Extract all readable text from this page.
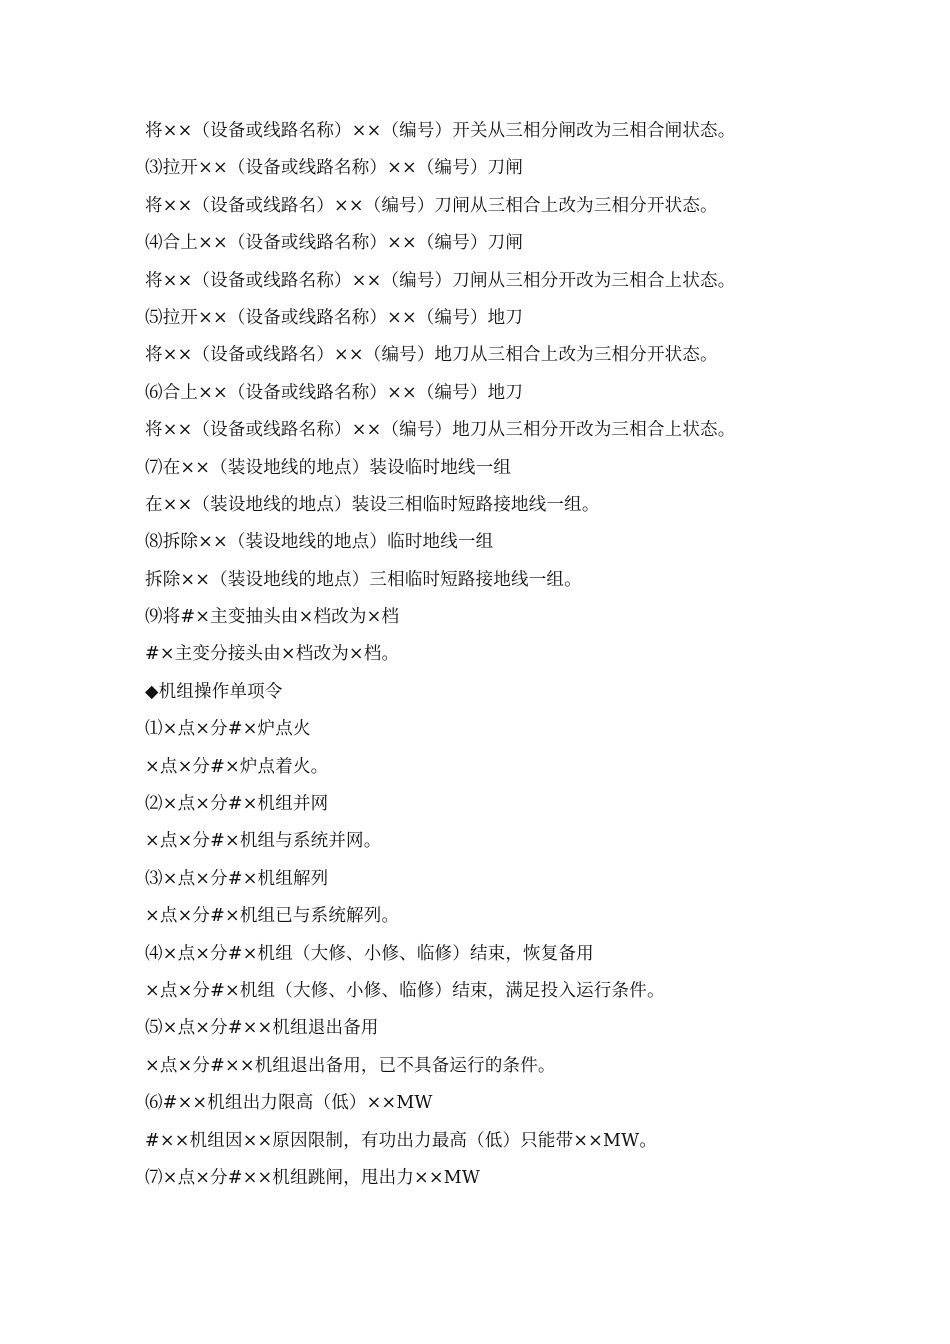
将××（设备或线路名称）××（编号）开关从三相分闸改为三相合闸状态。
⑶拉开××（设备或线路名称）××（编号）刀闸
将××（设备或线路名）××（编号）刀闸从三相合上改为三相分开状态。
⑷合上××（设备或线路名称）××（编号）刀闸
将××（设备或线路名称）××（编号）刀闸从三相分开改为三相合上状态。
⑸拉开××（设备或线路名称）××（编号）地刀
将××（设备或线路名）××（编号）地刀从三相合上改为三相分开状态。
⑹合上××（设备或线路名称）××（编号）地刀
将××（设备或线路名称）××（编号）地刀从三相分开改为三相合上状态。
⑺在××（装设地线的地点）装设临时地线一组
在××（装设地线的地点）装设三相临时短路接地线一组。
⑻拆除××（装设地线的地点）临时地线一组
拆除××（装设地线的地点）三相临时短路接地线一组。
⑼将#×主变抽头由×档改为×档
#×主变分接头由×档改为×档。
◆机组操作单项令
⑴×点×分#×炉点火
×点×分#×炉点着火。
⑵×点×分#×机组并网
×点×分#×机组与系统并网。
⑶×点×分#×机组解列
×点×分#×机组已与系统解列。
⑷×点×分#×机组（大修、小修、临修）结束，恢复备用
×点×分#×机组（大修、小修、临修）结束，满足投入运行条件。
⑸×点×分#××机组退出备用
×点×分#××机组退出备用，已不具备运行的条件。
⑹#××机组出力限高（低）××MW
#××机组因××原因限制，有功出力最高（低）只能带××MW。
⑺×点×分#××机组跳闸，甩出力××MW
